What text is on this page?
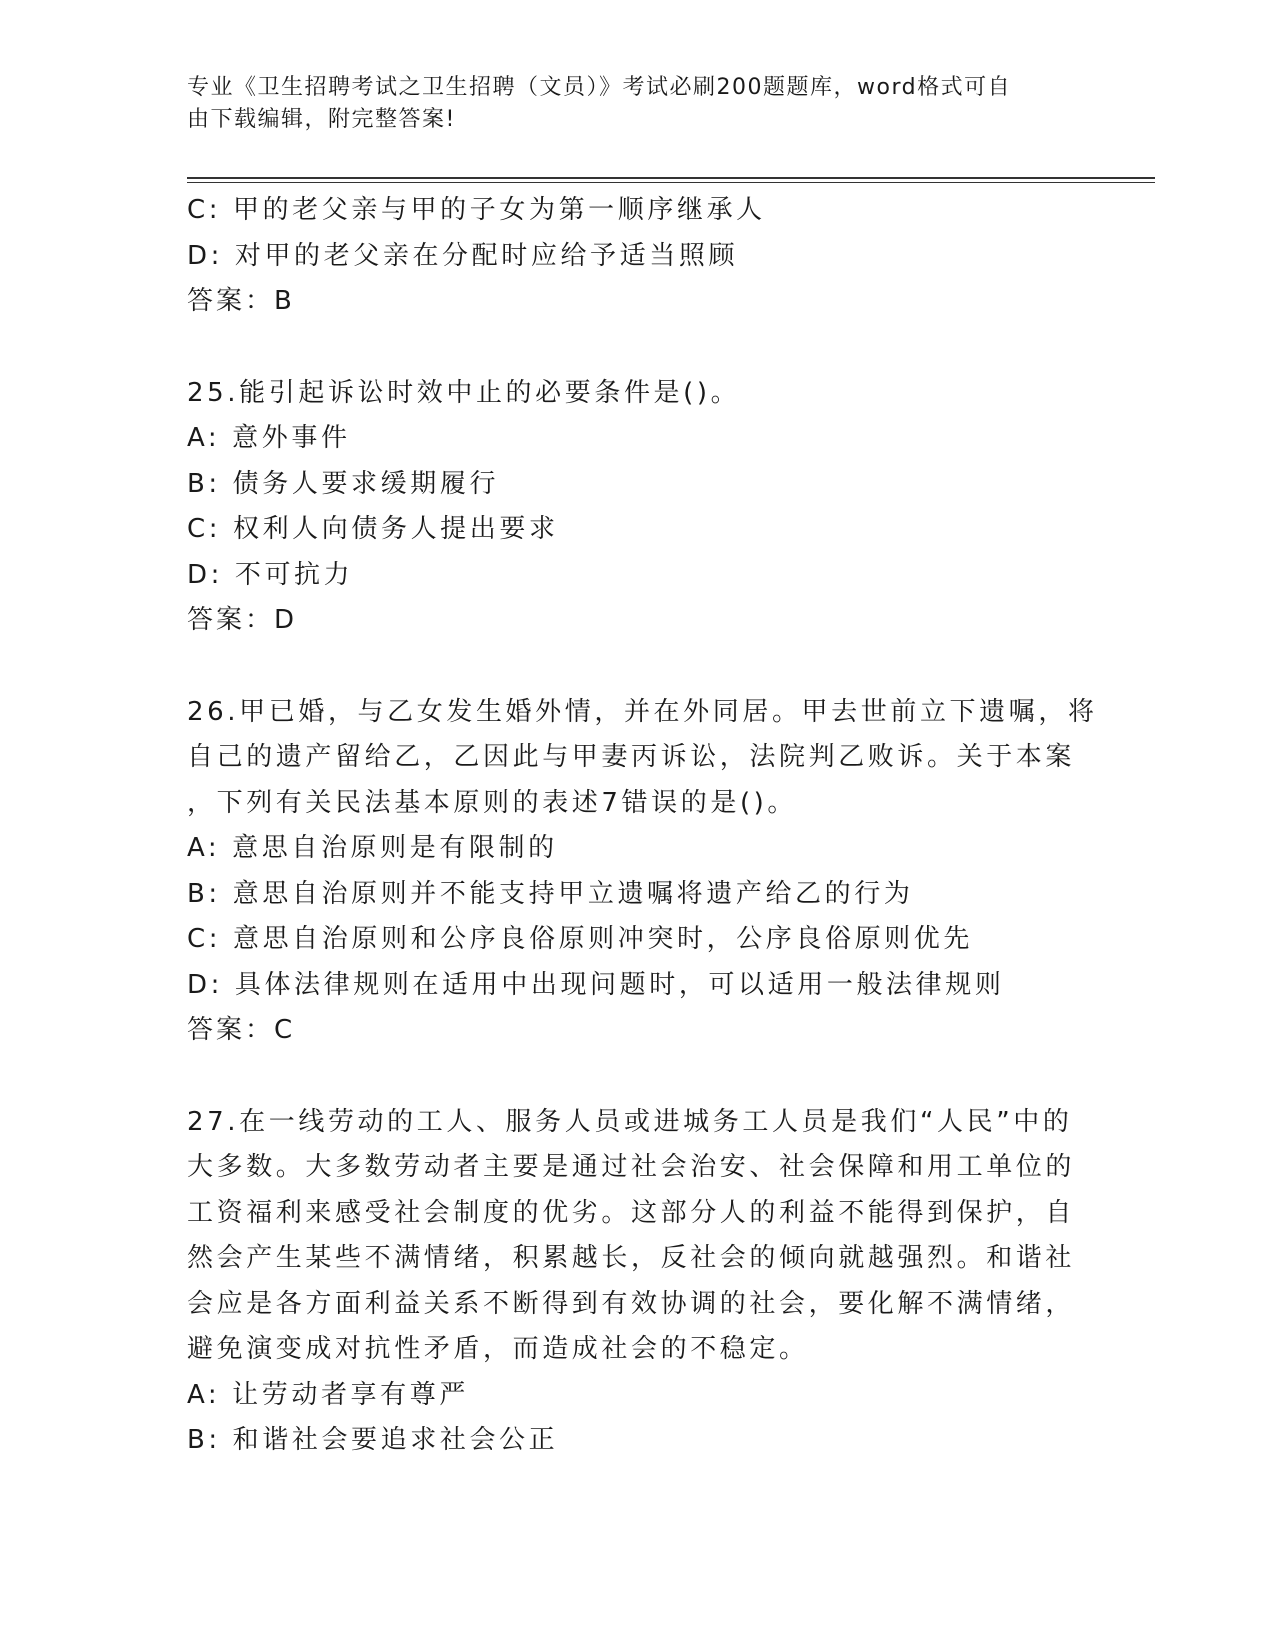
专业《卫生招聘考试之卫生招聘（文员）》考试必刷200题题库，word格式可自
由下载编辑，附完整答案!
C: 甲的老父亲与甲的子女为第一顺序继承人
D: 对甲的老父亲在分配时应给予适当照顾
答案：B
25.能引起诉讼时效中止的必要条件是()。
A: 意外事件
B: 债务人要求缓期履行
C: 权利人向债务人提出要求
D: 不可抗力
答案：D
26.甲已婚，与乙女发生婚外情，并在外同居。甲去世前立下遗嘱，将
自己的遗产留给乙，乙因此与甲妻丙诉讼，法院判乙败诉。关于本案
，下列有关民法基本原则的表述7错误的是()。
A: 意思自治原则是有限制的
B: 意思自治原则并不能支持甲立遗嘱将遗产给乙的行为
C: 意思自治原则和公序良俗原则冲突时，公序良俗原则优先
D: 具体法律规则在适用中出现问题时，可以适用一般法律规则
答案：C
27.在一线劳动的工人、服务人员或进城务工人员是我们“人民”中的
大多数。大多数劳动者主要是通过社会治安、社会保障和用工单位的
工资福利来感受社会制度的优劣。这部分人的利益不能得到保护，自
然会产生某些不满情绪，积累越长，反社会的倾向就越强烈。和谐社
会应是各方面利益关系不断得到有效协调的社会，要化解不满情绪，
避免演变成对抗性矛盾，而造成社会的不稳定。
A: 让劳动者享有尊严
B: 和谐社会要追求社会公正
